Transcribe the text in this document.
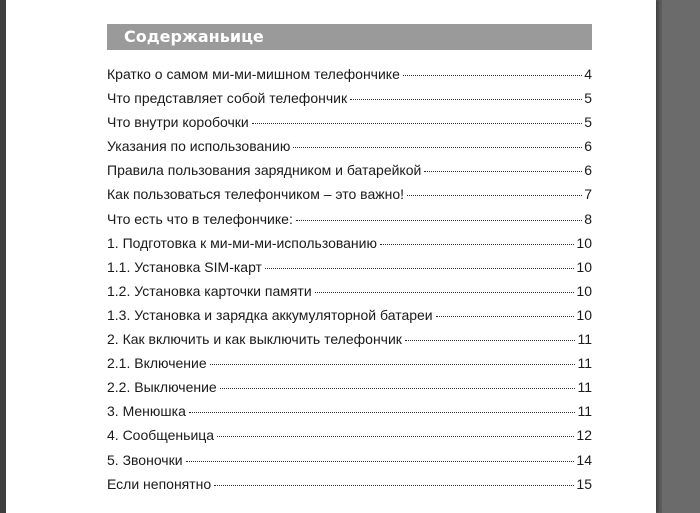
Содержаньице
Кратко о самом ми-ми-мишном телефончике	4
Что представляет собой телефончик	5
Что внутри коробочки	5
Указания по использованию	6
Правила пользования зарядником и батарейкой	6
Как пользоваться телефончиком – это важно!	7
Что есть что в телефончике:	8
1. Подготовка к ми-ми-ми-использованию	10
1.1. Установка SIM-карт	10
1.2. Установка карточки памяти	10
1.3. Установка и зарядка аккумуляторной батареи	10
2. Как включить и как выключить телефончик	11
2.1. Включение	11
2.2. Выключение	11
3. Менюшка	11
4. Сообщеньица	12
5. Звоночки	14
Если непонятно	15
